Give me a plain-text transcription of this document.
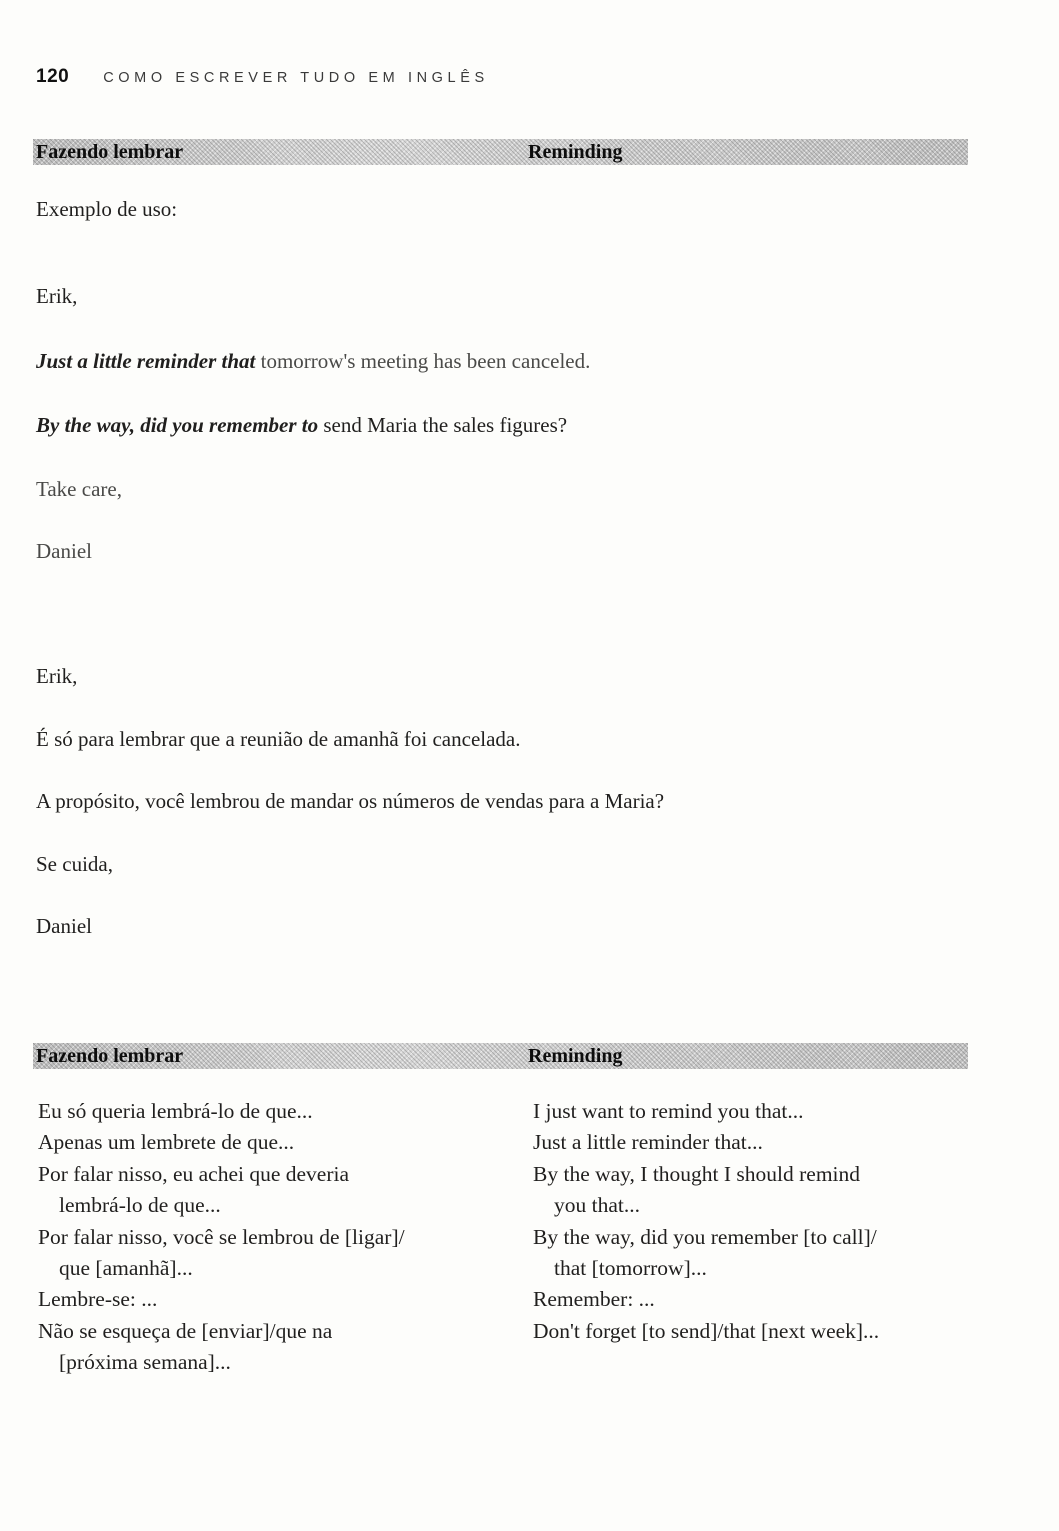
120 COMO ESCREVER TUDO EM INGLÊS
Fazendo lembrar	Reminding
Exemplo de uso:
Erik,
Just a little reminder that tomorrow's meeting has been canceled.
By the way, did you remember to send Maria the sales figures?
Take care,
Daniel
Erik,
É só para lembrar que a reunião de amanhã foi cancelada.
A propósito, você lembrou de mandar os números de vendas para a Maria?
Se cuida,
Daniel
Fazendo lembrar	Reminding
Eu só queria lembrá-lo de que...
Apenas um lembrete de que...
Por falar nisso, eu achei que deveria
lembrá-lo de que...
Por falar nisso, você se lembrou de [ligar]/
que [amanhã]...
Lembre-se: ...
Não se esqueça de [enviar]/que na
[próxima semana]...
I just want to remind you that...
Just a little reminder that...
By the way, I thought I should remind
you that...
By the way, did you remember [to call]/
that [tomorrow]...
Remember: ...
Don't forget [to send]/that [next week]...
